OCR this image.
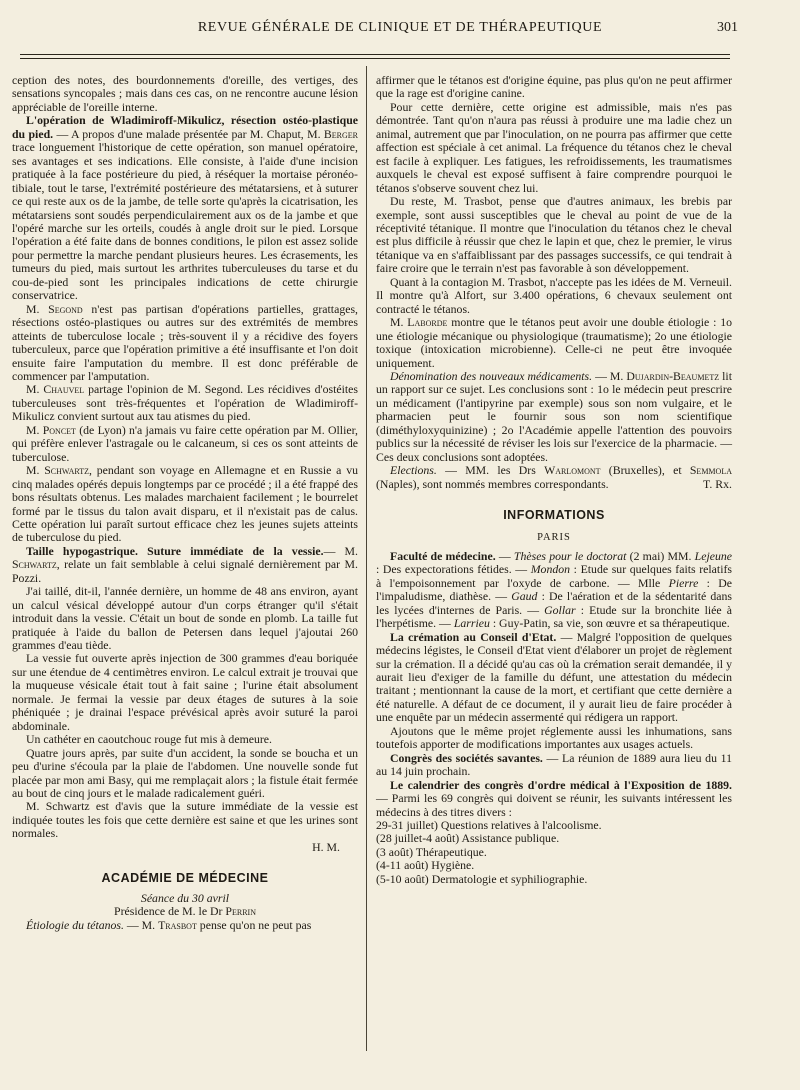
REVUE GÉNÉRALE DE CLINIQUE ET DE THÉRAPEUTIQUE	301

ception des notes, des bourdonnements d'oreille, des vertiges, des sensations syncopales ; mais dans ces cas, on ne rencontre aucune lésion appréciable de l'oreille interne.

L'opération de Wladimiroff-Mikulicz, résection ostéo-plastique du pied. — A propos d'une malade présentée par M. Chaput, M. Berger trace longuement l'historique de cette opération, son manuel opératoire, ses avantages et ses indications. Elle consiste, à l'aide d'une incision pratiquée à la face postérieure du pied, à réséquer la mortaise péronéo-tibiale, tout le tarse, l'extrémité postérieure des métatarsiens, et à suturer ce qui reste aux os de la jambe, de telle sorte qu'après la cicatrisation, les métatarsiens sont soudés perpendiculairement aux os de la jambe et que l'opéré marche sur les orteils, coudés à angle droit sur le pied. Lorsque l'opération a été faite dans de bonnes conditions, le pilon est assez solide pour permettre la marche pendant plusieurs heures. Les écrasements, les tumeurs du pied, mais surtout les arthrites tuberculeuses du tarse et du cou-de-pied sont les principales indications de cette chirurgie conservatrice.

M. Segond n'est pas partisan d'opérations partielles, grattages, résections ostéo-plastiques ou autres sur des extrémités de membres atteints de tuberculose locale ; très-souvent il y a récidive des foyers tuberculeux, parce que l'opération primitive a été insuffisante et l'on doit ensuite faire l'amputation du membre. Il est donc préférable de commencer par l'amputation.

M. Chauvel partage l'opinion de M. Segond. Les récidives d'ostéites tuberculeuses sont très-fréquentes et l'opération de Wladimiroff-Mikulicz convient surtout aux tau atismes du pied.

M. Poncet (de Lyon) n'a jamais vu faire cette opération par M. Ollier, qui préfère enlever l'astragale ou le calcaneum, si ces os sont atteints de tuberculose.

M. Schwartz, pendant son voyage en Allemagne et en Russie a vu cinq malades opérés depuis longtemps par ce procédé ; il a été frappé des bons résultats obtenus. Les malades marchaient facilement ; le bourrelet formé par le tissus du talon avait disparu, et il n'existait pas de calus. Cette opération lui paraît surtout efficace chez les jeunes sujets atteints de tuberculose du pied.

Taille hypogastrique. Suture immédiate de la vessie.— M. Schwartz, relate un fait semblable à celui signalé dernièrement par M. Pozzi.

J'ai taillé, dit-il, l'année dernière, un homme de 48 ans environ, ayant un calcul vésical développé autour d'un corps étranger qu'il s'était introduit dans la vessie. C'était un bout de sonde en plomb. La taille fut pratiquée à l'aide du ballon de Petersen dans lequel j'ajoutai 260 grammes d'eau tiède.

La vessie fut ouverte après injection de 300 grammes d'eau boriquée sur une étendue de 4 centimètres environ. Le calcul extrait je trouvai que la muqueuse vésicale était tout à fait saine ; l'urine était absolument normale. Je fermai la vessie par deux étages de sutures à la soie phéniquée ; je drainai l'espace prévésical après avoir suturé la paroi abdominale.

Un cathéter en caoutchouc rouge fut mis à demeure.

Quatre jours après, par suite d'un accident, la sonde se boucha et un peu d'urine s'écoula par la plaie de l'abdomen. Une nouvelle sonde fut placée par mon ami Basy, qui me remplaçait alors ; la fistule était fermée au bout de cinq jours et le malade radicalement guéri.

M. Schwartz est d'avis que la suture immédiate de la vessie est indiquée toutes les fois que cette dernière est saine et que les urines sont normales.

H. M.

ACADÉMIE DE MÉDECINE

Séance du 30 avril

Présidence de M. le Dr Perrin

Étiologie du tétanos. — M. Trasbot pense qu'on ne peut pas

affirmer que le tétanos est d'origine équine, pas plus qu'on ne peut affirmer que la rage est d'origine canine.

Pour cette dernière, cette origine est admissible, mais n'es pas démontrée. Tant qu'on n'aura pas réussi à produire une ma ladie chez un animal, autrement que par l'inoculation, on ne pourra pas affirmer que cette affection est spéciale à cet animal. La fréquence du tétanos chez le cheval est facile à expliquer. Les fatigues, les refroidissements, les traumatismes auxquels le cheval est exposé suffisent à faire comprendre pourquoi le tétanos s'observe souvent chez lui.

Du reste, M. Trasbot, pense que d'autres animaux, les brebis par exemple, sont aussi susceptibles que le cheval au point de vue de la réceptivité tétanique. Il montre que l'inoculation du tétanos chez le cheval est plus difficile à réussir que chez le lapin et que, chez le premier, le virus tétanique va en s'affaiblissant par des passages successifs, ce qui tendrait à faire croire que le terrain n'est pas favorable à son développement.

Quant à la contagion M. Trasbot, n'accepte pas les idées de M. Verneuil. Il montre qu'à Alfort, sur 3.400 opérations, 6 chevaux seulement ont contracté le tétanos.

M. Laborde montre que le tétanos peut avoir une double étiologie : 1o une étiologie mécanique ou physiologique (traumatisme); 2o une étiologie toxique (intoxication microbienne). Celle-ci ne peut être invoquée uniquement.

Dénomination des nouveaux médicaments. — M. Dujardin-Beaumetz lit un rapport sur ce sujet. Les conclusions sont : 1o le médecin peut prescrire un médicament (l'antipyrine par exemple) sous son nom vulgaire, et le pharmacien peut le fournir sous son nom scientifique (diméthyloxyquinizine) ; 2o l'Académie appelle l'attention des pouvoirs publics sur la nécessité de réviser les lois sur l'exercice de la pharmacie. — Ces deux conclusions sont adoptées.

Elections. — MM. les Drs Warlomont (Bruxelles), et Semmola (Naples), sont nommés membres correspondants.	T. Rx.

INFORMATIONS
PARIS

Faculté de médecine. — Thèses pour le doctorat (2 mai) MM. Lejeune : Des expectorations fétides. — Mondon : Etude sur quelques faits relatifs à l'empoisonnement par l'oxyde de carbone. — Mlle Pierre : De l'impaludisme, diathèse. — Gaud : De l'aération et de la sédentarité dans les lycées d'internes de Paris. — Gollar : Etude sur la bronchite liée à l'herpétisme. — Larrieu : Guy-Patin, sa vie, son œuvre et sa thérapeutique.

La crémation au Conseil d'Etat. — Malgré l'opposition de quelques médecins légistes, le Conseil d'Etat vient d'élaborer un projet de règlement sur la crémation. Il a décidé qu'au cas où la crémation serait demandée, il y aurait lieu d'exiger de la famille du défunt, une attestation du médecin traitant ; mentionnant la cause de la mort, et certifiant que cette dernière a été naturelle. A défaut de ce document, il y aurait lieu de faire procéder à une enquête par un médecin assermenté qui rédigera un rapport.

Ajoutons que le même projet réglemente aussi les inhumations, sans toutefois apporter de modifications importantes aux usages actuels.

Congrès des sociétés savantes. — La réunion de 1889 aura lieu du 11 au 14 juin prochain.

Le calendrier des congrès d'ordre médical à l'Exposition de 1889. — Parmi les 69 congrès qui doivent se réunir, les suivants intéressent les médecins à des titres divers :

29-31 juillet) Questions relatives à l'alcoolisme.

(28 juillet-4 août) Assistance publique.

(3 août) Thérapeutique.

(4-11 août) Hygiène.

(5-10 août) Dermatologie et syphiliographie.
